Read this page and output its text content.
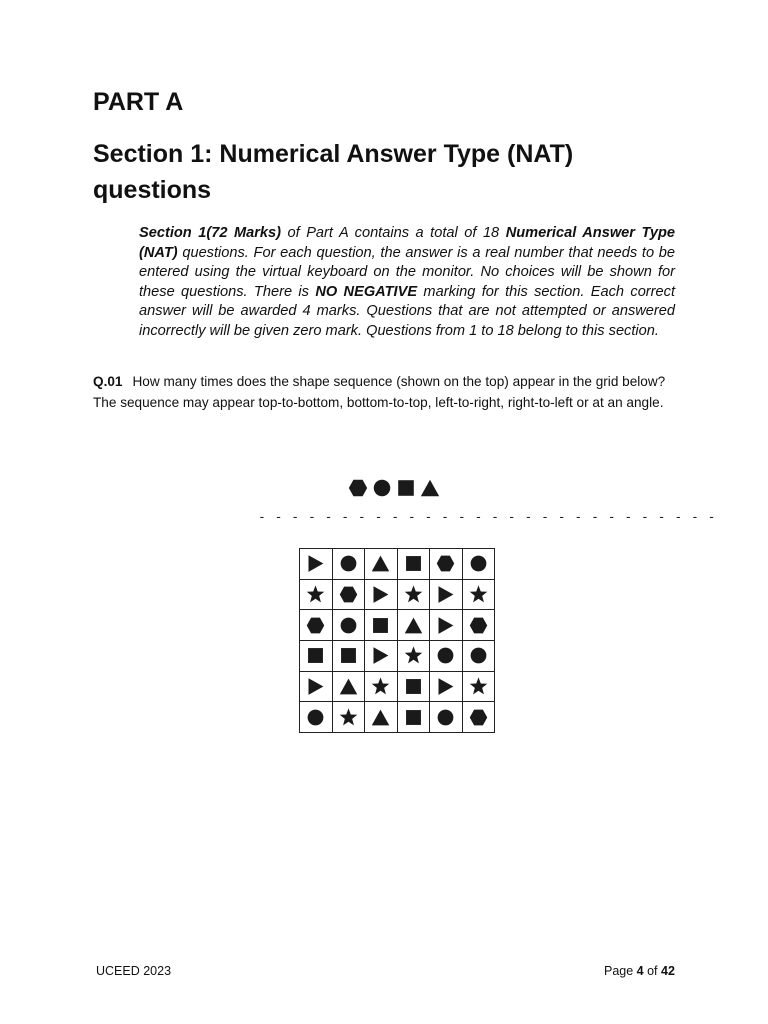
PART A
Section 1: Numerical Answer Type (NAT) questions

Section 1(72 Marks) of Part A contains a total of 18 Numerical Answer Type (NAT) questions. For each question, the answer is a real number that needs to be entered using the virtual keyboard on the monitor. No choices will be shown for these questions. There is NO NEGATIVE marking for this section. Each correct answer will be awarded 4 marks. Questions that are not attempted or answered incorrectly will be given zero mark. Questions from 1 to 18 belong to this section.

Q.01 How many times does the shape sequence (shown on the top) appear in the grid below? The sequence may appear top-to-bottom, bottom-to-top, left-to-right, right-to-left or at an angle.

- - - - - - - - - - - - - - - - - - - - - - - - - - - -

UCEED 2023	Page 4 of 42
